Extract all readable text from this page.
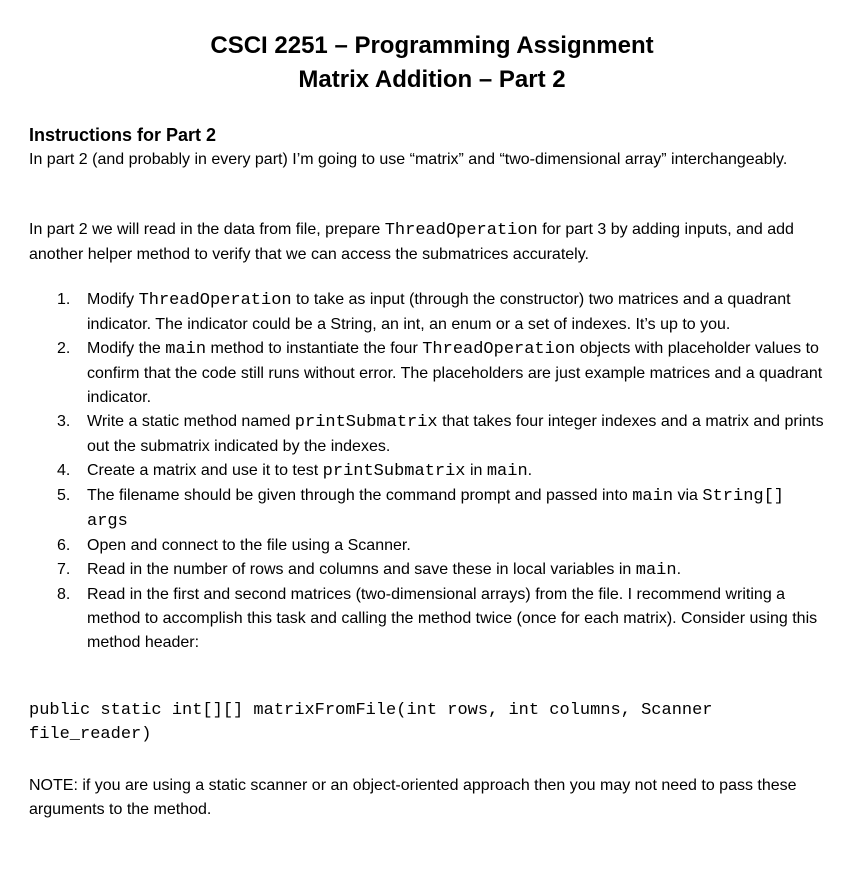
CSCI 2251 – Programming Assignment
Matrix Addition – Part 2
Instructions for Part 2
In part 2 (and probably in every part) I’m going to use “matrix” and “two-dimensional array” interchangeably.
In part 2 we will read in the data from file, prepare ThreadOperation for part 3 by adding inputs, and add another helper method to verify that we can access the submatrices accurately.
1.	Modify ThreadOperation to take as input (through the constructor) two matrices and a quadrant indicator. The indicator could be a String, an int, an enum or a set of indexes. It’s up to you.
2.	Modify the main method to instantiate the four ThreadOperation objects with placeholder values to confirm that the code still runs without error. The placeholders are just example matrices and a quadrant indicator.
3.	Write a static method named printSubmatrix that takes four integer indexes and a matrix and prints out the submatrix indicated by the indexes.
4.	Create a matrix and use it to test printSubmatrix in main.
5.	The filename should be given through the command prompt and passed into main via String[] args
6.	Open and connect to the file using a Scanner.
7.	Read in the number of rows and columns and save these in local variables in main.
8.	Read in the first and second matrices (two-dimensional arrays) from the file. I recommend writing a method to accomplish this task and calling the method twice (once for each matrix). Consider using this method header:
public static int[][] matrixFromFile(int rows, int columns, Scanner file_reader)
NOTE: if you are using a static scanner or an object-oriented approach then you may not need to pass these arguments to the method.
